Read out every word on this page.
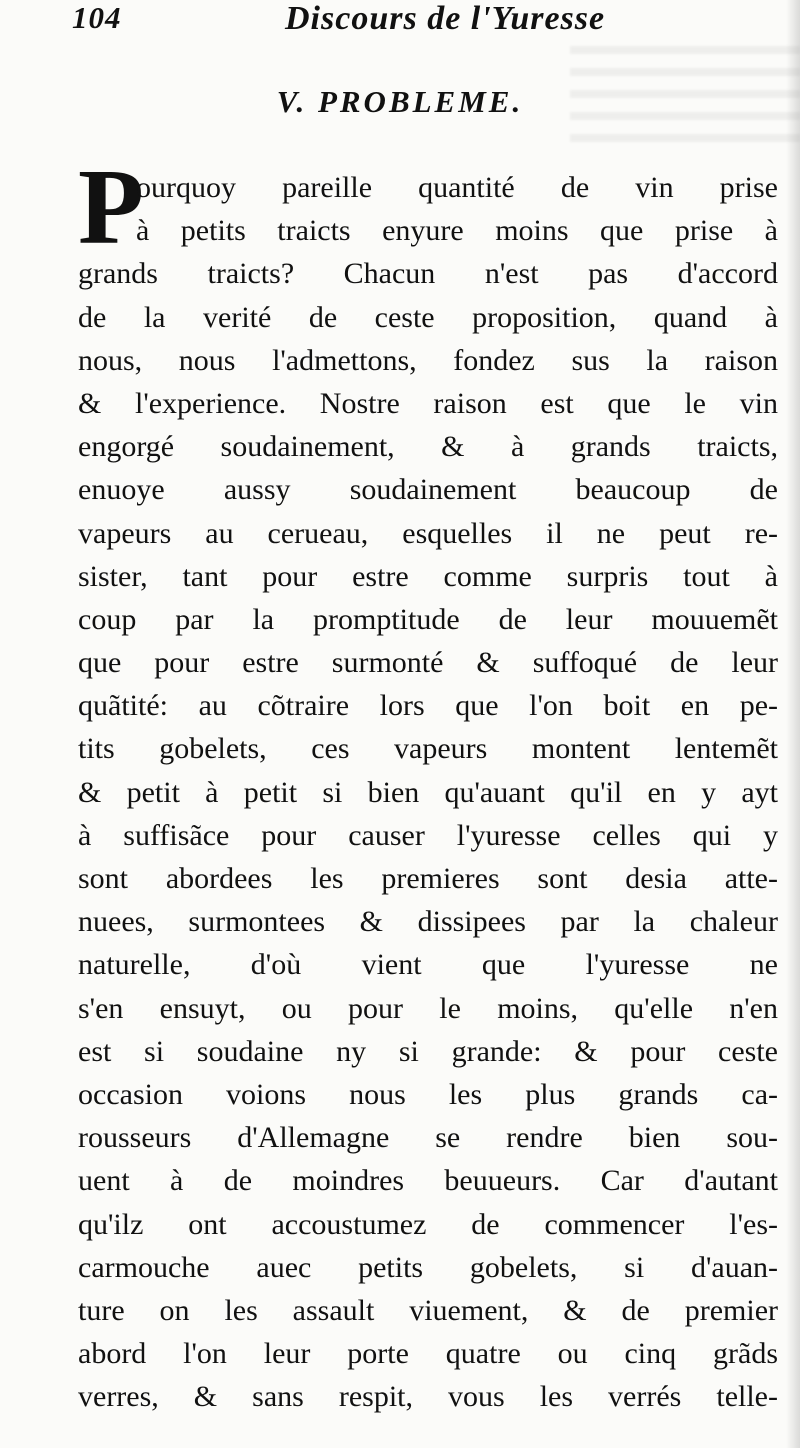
104	Discours de l'Yuresse
V. PROBLEME.
P
ourquoy pareille quantité de vin prise
à petits traicts enyure moins que prise à
grands traicts? Chacun n'est pas d'accord
de la verité de ceste proposition, quand à
nous, nous l'admettons, fondez sus la raison
& l'experience. Nostre raison est que le vin
engorgé soudainement, & à grands traicts,
enuoye aussy soudainement beaucoup de
vapeurs au cerueau, esquelles il ne peut re-
sister, tant pour estre comme surpris tout à
coup par la promptitude de leur mouuemẽt
que pour estre surmonté & suffoqué de leur
quãtité: au cõtraire lors que l'on boit en pe-
tits gobelets, ces vapeurs montent lentemẽt
& petit à petit si bien qu'auant qu'il en y ayt
à suffisãce pour causer l'yuresse celles qui y
sont abordees les premieres sont desia atte-
nuees, surmontees & dissipees par la chaleur
naturelle, d'où vient que l'yuresse ne
s'en ensuyt, ou pour le moins, qu'elle n'en
est si soudaine ny si grande: & pour ceste
occasion voions nous les plus grands ca-
rousseurs d'Allemagne se rendre bien sou-
uent à de moindres beuueurs. Car d'autant
qu'ilz ont accoustumez de commencer l'es-
carmouche auec petits gobelets, si d'auan-
ture on les assault viuement, & de premier
abord l'on leur porte quatre ou cinq grãds
verres, & sans respit, vous les verrés telle-
